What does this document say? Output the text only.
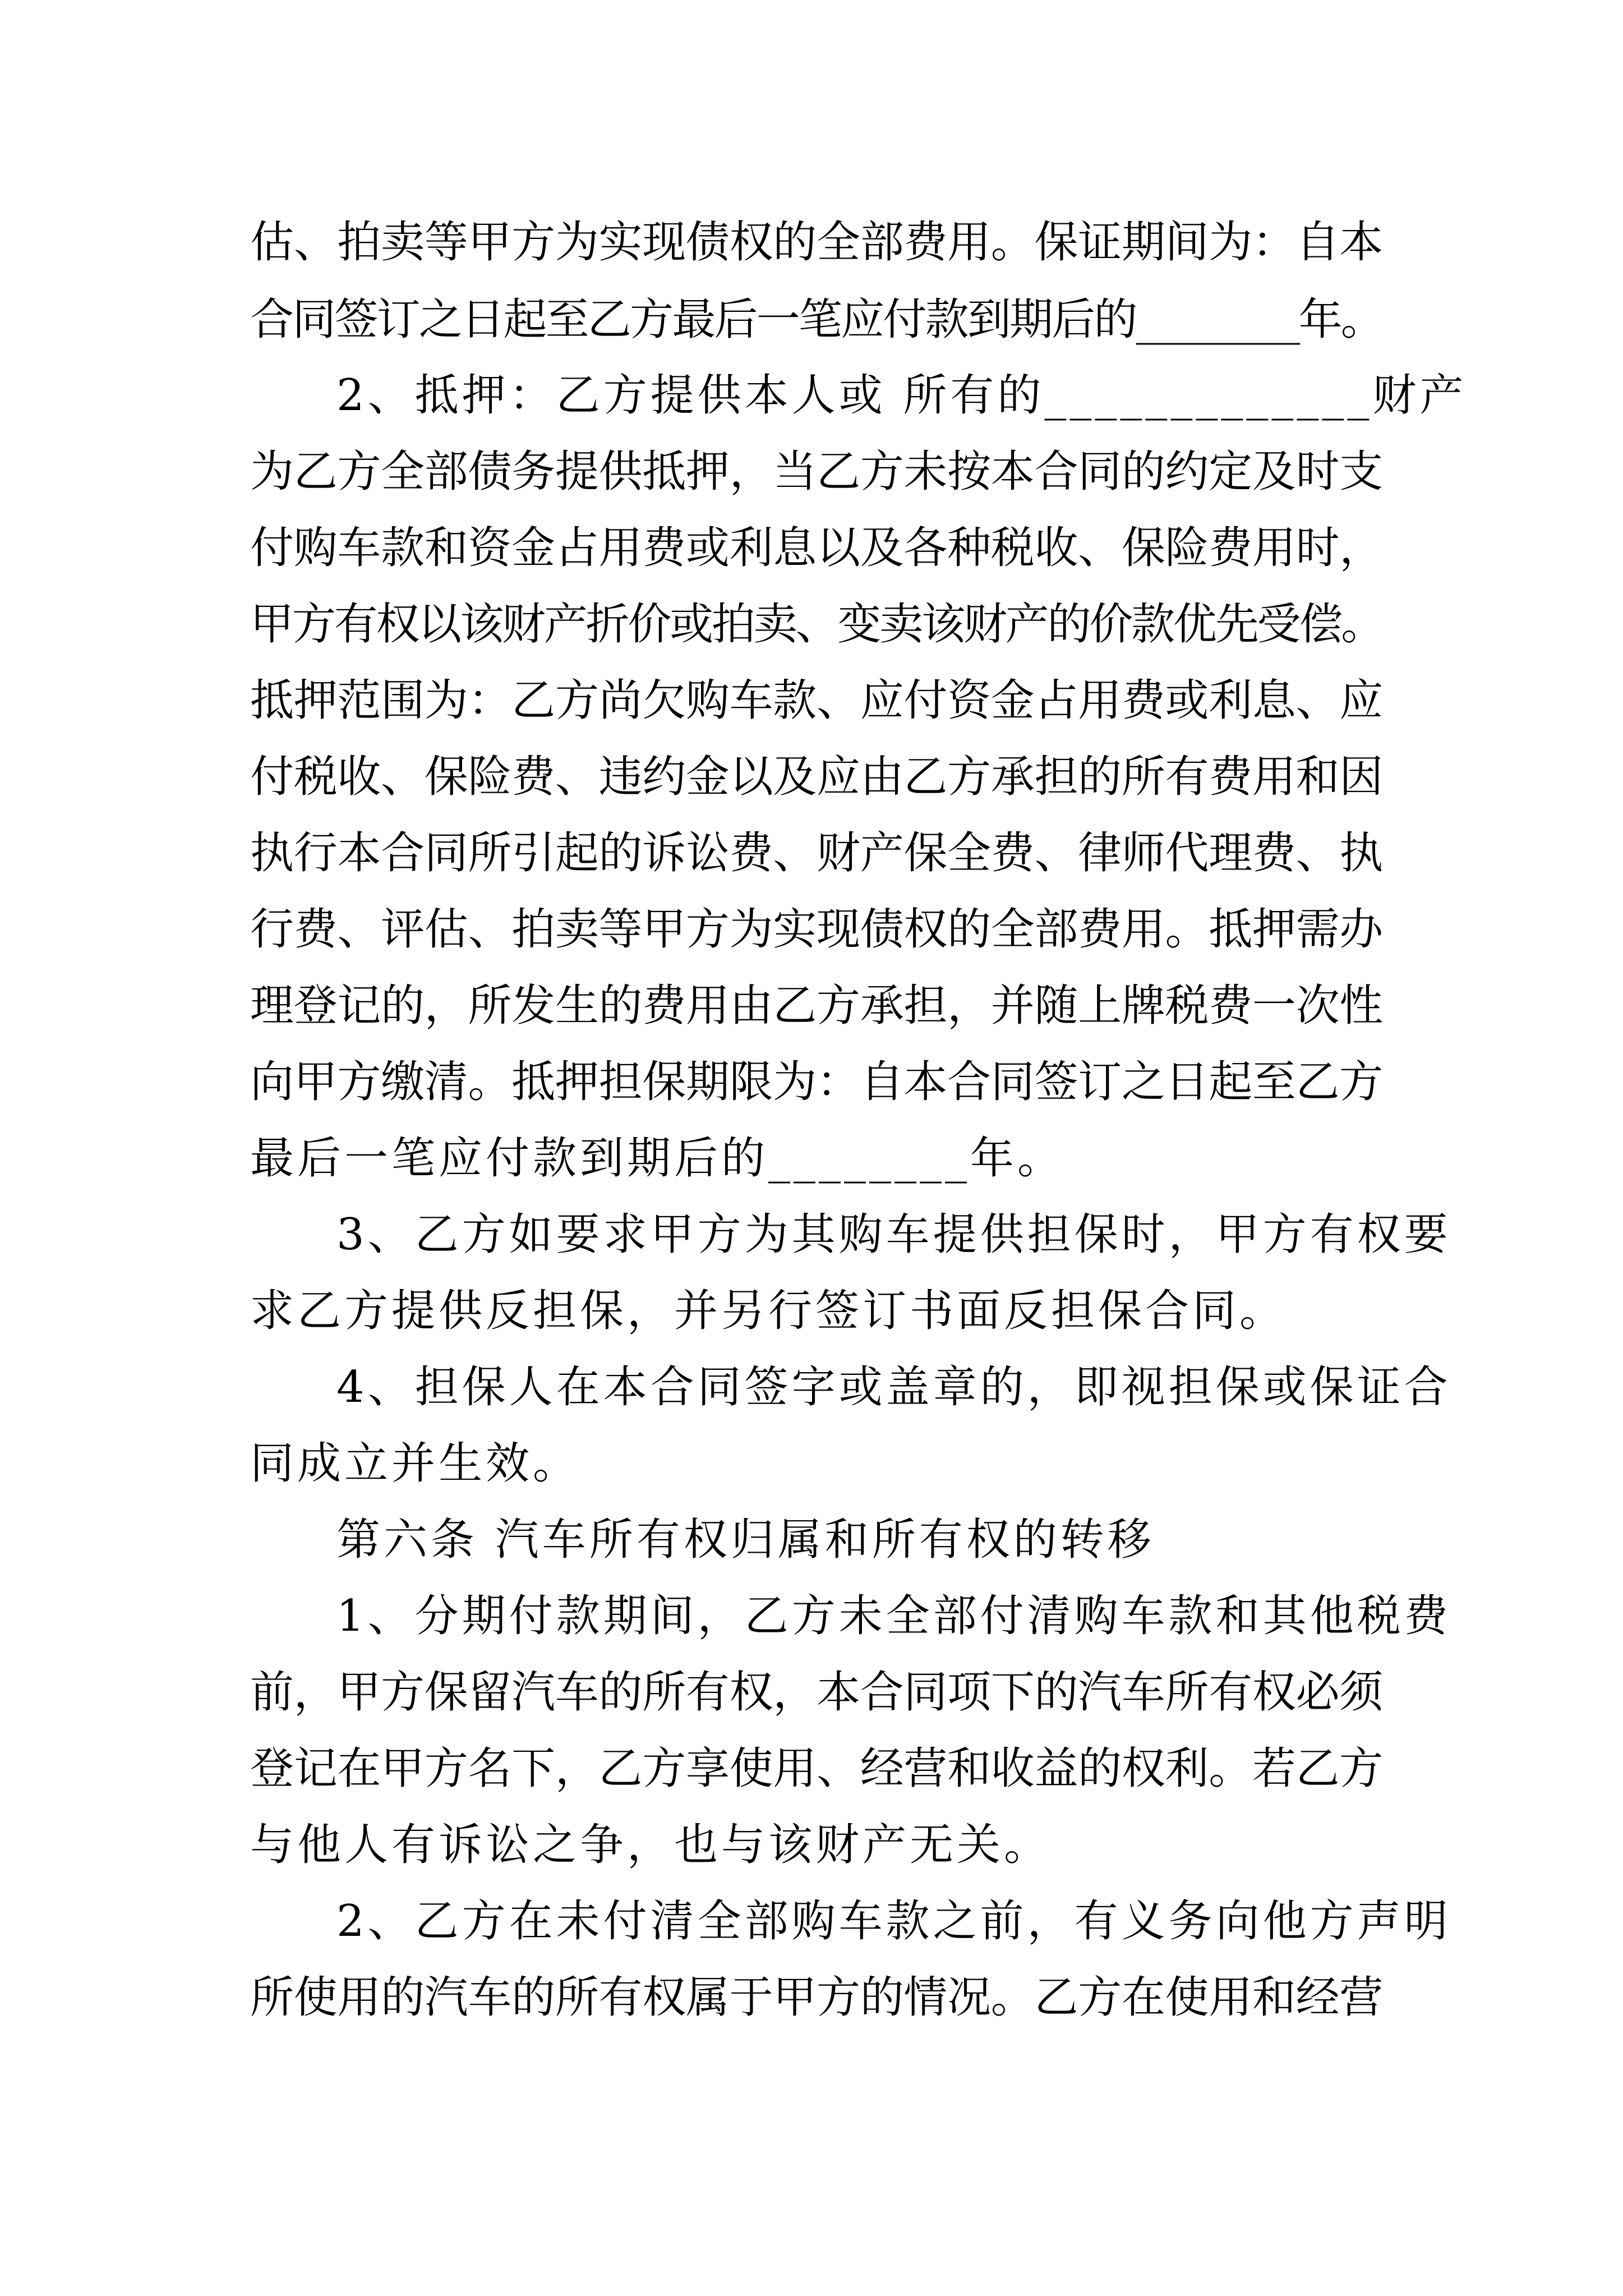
估、拍卖等甲方为实现债权的全部费用。保证期间为：自本
合同签订之日起至乙方最后一笔应付款到期后的________年。
2、抵押：乙方提供本人或 所有的_____________财产
为乙方全部债务提供抵押，当乙方未按本合同的约定及时支
付购车款和资金占用费或利息以及各种税收、保险费用时，
甲方有权以该财产折价或拍卖、变卖该财产的价款优先受偿。
抵押范围为：乙方尚欠购车款、应付资金占用费或利息、应
付税收、保险费、违约金以及应由乙方承担的所有费用和因
执行本合同所引起的诉讼费、财产保全费、律师代理费、执
行费、评估、拍卖等甲方为实现债权的全部费用。抵押需办
理登记的，所发生的费用由乙方承担，并随上牌税费一次性
向甲方缴清。抵押担保期限为：自本合同签订之日起至乙方
最后一笔应付款到期后的________年。
3、乙方如要求甲方为其购车提供担保时，甲方有权要
求乙方提供反担保，并另行签订书面反担保合同。
4、担保人在本合同签字或盖章的，即视担保或保证合
同成立并生效。
第六条 汽车所有权归属和所有权的转移
1、分期付款期间，乙方未全部付清购车款和其他税费
前，甲方保留汽车的所有权，本合同项下的汽车所有权必须
登记在甲方名下，乙方享使用、经营和收益的权利。若乙方
与他人有诉讼之争，也与该财产无关。
2、乙方在未付清全部购车款之前，有义务向他方声明
所使用的汽车的所有权属于甲方的情况。乙方在使用和经营
